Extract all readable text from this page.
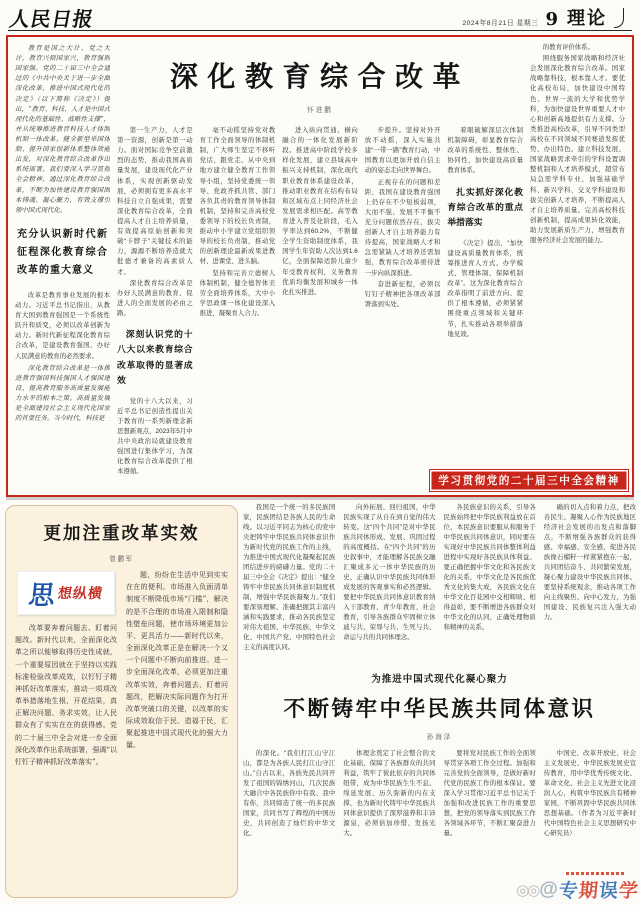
人民日报	2024年8月21日 星期三 9 理论

教育是国之大计、党之大计，教育兴则国家兴，教育强则国家强。党的二十届三中全会通过的《中共中央关于进一步全面深化改革、推进中国式现代化的决定》（以下简称《决定》）提出，“教育、科技、人才是中国式现代化的基础性、战略性支撑”，并从统筹推进教育科技人才体制机制一体改革、健全新型举国体制、提升国家创新体系整体效能出发，对深化教育综合改革作出系统部署。我们要深入学习贯彻全会精神，通过深化教育综合改革，不断为加快建设教育强国固本铸魂、凝心聚力，有效支撑引领中国式现代化。

充分认识新时代新征程深化教育综合改革的重大意义

改革是教育事业发展的根本动力。习近平总书记指出，从教育大国到教育强国是一个系统性跃升和质变，必须以改革创新为动力。新时代新征程深化教育综合改革，是建设教育强国、办好人民满意的教育的必然要求。

深化教育综合改革是一体推进教育强国科技强国人才强国建设、提高教育服务高质量发展能力水平的根本之策。高质量发展是全面建设社会主义现代化国家的首要任务。当今时代，科技是

深化教育综合改革
怀进鹏

第一生产力，人才是第一资源，创新是第一动力。面对国际竞争空前激烈的态势，推动我国高质量发展，建设现代化产业体系，实现创新驱动发展，必须拥有更多高水平科技自立自强成果，需要深化教育综合改革，全面提高人才自主培养质量，有效提高原始创新和突破“卡脖子”关键技术的能力，源源不断培养造就大批德才兼备的高素质人才。

深化教育综合改革是办好人民满意的教育、促进人的全面发展的必由之路。

深刻认识党的十八大以来教育综合改革取得的显著成效

党的十八大以来，习近平总书记创造性提出关于教育的一系列新理念新思想新观点，2023年5月中共中央政治局就建设教育强国进行集体学习，为深化教育综合改革提供了根本遵循。

毫不动摇坚持党对教育工作全面领导的体制机制，广大师生坚定不移听党话、跟党走。从中央到地方建立健全教育工作领导小组，坚持党委统一领导、党政齐抓共管、部门各负其责的教育领导体制机制，坚持和完善高校党委领导下的校长负责制，推动中小学建立党组织领导的校长负责制，推动党的创新理论最新成果进教材、进课堂、进头脑。

坚持和完善立德树人体制机制，健全德智体美劳全面培养体系，大中小学思政课一体化建设深入推进，凝聚育人合力。

进入纵向贯通、横向融合的一体化发展新阶段。推进高中阶段学校多样化发展，建立县域高中振兴支持机制，深化现代职业教育体系建设改革，推动职业教育在结构布局和区域布点上同经济社会发展需求相匹配。高等教育进入普及化阶段，毛入学率达到60.2%，不断健全学生资助制度体系，我国学生年资助人次达到1.6亿，全面保障适龄儿童少年受教育权利，义务教育优质均衡发展和城乡一体化扎实推进。

步提升。坚持对外开放不动摇，深入实施共建“一带一路”教育行动，中国教育以更加开放自信主动的姿态走向世界舞台。

正视存在的问题和差距，我国在建设教育强国上仍存在不少短板弱项，大而不强、发展不平衡不充分问题依然存在，拔尖创新人才自主培养能力有待提高，国家战略人才和急需紧缺人才培养还需加强，教育综合改革亟待进一步向纵深推进。

奋进新征程，必须以钉钉子精神把各项改革部署落到实处。

着眼破解深层次体制机制障碍，彰显教育综合改革的系统性、整体性、协同性，加快建设高质量教育体系。

扎实抓好深化教育综合改革的重点举措落实

《决定》提出，“加快建设高质量教育体系，统筹推进育人方式、办学模式、管理体制、保障机制改革”。这为深化教育综合改革指明了前进方向、提供了根本遵循，必须紧紧围绕重点领域和关键环节，扎实推动各项举措落地见效。

的教育评价体系。

围绕服务国家战略和经济社会发展深化教育综合改革。国家战略靠科技，根本靠人才。要优化高校布局，加快建设中国特色、世界一流的大学和优势学科，为加快建设世界重要人才中心和创新高地提供有力支撑。分类推进高校改革，引导不同类型高校在不同领域不同赛道发挥优势、办出特色。建立科技发展、国家战略需求牵引的学科设置调整机制和人才培养模式，超常布局急需学科专业，加强基础学科、新兴学科、交叉学科建设和拔尖创新人才培养，不断提高人才自主培养质量。完善高校科技创新机制，提高成果转化效能，助力发展新质生产力，增强教育服务经济社会发展的能力。

学习贯彻党的二十届三中全会精神
更加注重改革实效
曾鹏军
思 想纵横

改革要奔着问题去、盯着问题改。新时代以来，全面深化改革之所以能够取得历史性成就，一个重要原因就在于坚持以实践标准检验改革成效，以钉钉子精神抓好改革落实，推动一项项改革举措落地生根、开花结果，真正解决问题、务求实效，让人民群众有了实实在在的获得感。党的二十届三中全会对进一步全面深化改革作出系统部署，强调“以钉钉子精神抓好改革落实”。

题，纷纷在生活中见到实实在在的便利。市场准入负面清单制度不断降低市场“门槛”，解决的是不合理的市场准入限制和隐性壁垒问题，使市场环境更加公平、更具活力——新时代以来，全面深化改革正是在解决一个又一个问题中不断向前推进。进一步全面深化改革，必须更加注重改革实效，奔着问题去、盯着问题改，把解决实际问题作为打开改革突破口的关键，以改革的实际成效取信于民、造福于民，汇聚起推进中国式现代化的强大力量。

我国是一个统一的多民族国家，民族团结是各族人民的生命线。以习近平同志为核心的党中央把铸牢中华民族共同体意识作为新时代党的民族工作的主线，为推进中国式现代化凝聚起民族团结进步的磅礴力量。党的二十届三中全会《决定》提出：“健全铸牢中华民族共同体意识制度机制，增强中华民族凝聚力。”我们要深刻理解、准确把握其丰富内涵和实践要求，推动各民族坚定对伟大祖国、中华民族、中华文化、中国共产党、中国特色社会主义的高度认同。

向外拓展、回归祖国，中华民族实现了从自在到自觉的伟大转变。这“四个共同”是对中华民族共同体形成、发展、巩固过程的高度概括。在“四个共同”的历史叙事中，才能理解各民族交融汇聚成多元一体中华民族的历史，正确认识中华民族共同体形成发展的客观事实和必然逻辑。要把中华民族共同体意识教育纳入干部教育、青少年教育、社会教育，引导各族群众牢固树立休戚与共、荣辱与共、生死与共、命运与共的共同体理念。

各民族意识的关系，引导各民族始终把中华民族利益放在首位，本民族意识要服从和服务于中华民族共同体意识，同时要在实现好中华民族共同体整体利益进程中实现好各民族具体利益。要正确把握中华文化和各民族文化的关系，中华文化是各民族优秀文化的集大成，各民族文化在中华文化百花园中交相辉映、相得益彰，要不断增进各族群众对中华文化的认同，正确处理物质和精神的关系。

确的切入点和着力点，把改善民生、凝聚人心作为民族地区经济社会发展的出发点和落脚点，不断增强各族群众的获得感、幸福感、安全感，促进各民族像石榴籽一样紧紧抱在一起，共同团结奋斗、共同繁荣发展，凝心聚力建设中华民族共同体。要坚持系统观念，推动各项工作向主线聚焦、向中心发力，为强国建设、民族复兴注入强大动力。

为推进中国式现代化凝心聚力
不断铸牢中华民族共同体意识
孙海泽

的深化。“我们打江山守江山，都是为各族人民打江山守江山。”自古以来，各族先民共同开发了祖国的锦绣河山，几次民族大融合中各民族你中有我、我中有你，共同缔造了统一的多民族国家，共同书写了辉煌的中国历史，共同创造了灿烂的中华文化。

体理念奠定了社会整合的文化基础，保障了各族群众的共同利益，筑牢了彼此依存的共同体纽带，成为中华民族生生不息、绵延发展、历久弥新的内在支撑，也为新时代铸牢中华民族共同体意识提供了深厚滋养和丰沛源泉，必须倍加珍惜、发扬光大。

要将党对民族工作的全面领导贯穿各项工作全过程。加强和完善党的全面领导，是做好新时代党的民族工作的根本保证。要深入学习贯彻习近平总书记关于加强和改进民族工作的重要思想，把党的领导落实到民族工作各领域各环节，不断汇聚奋进力量。

中国史、改革开放史、社会主义发展史、中华民族发展史宣传教育，用中华优秀传统文化、革命文化、社会主义先进文化浸润人心，构筑中华民族共有精神家园，不断巩固中华民族共同体思想基础。（作者为习近平新时代中国特色社会主义思想研究中心研究员）

◎◎ @ 专 期 误 学
